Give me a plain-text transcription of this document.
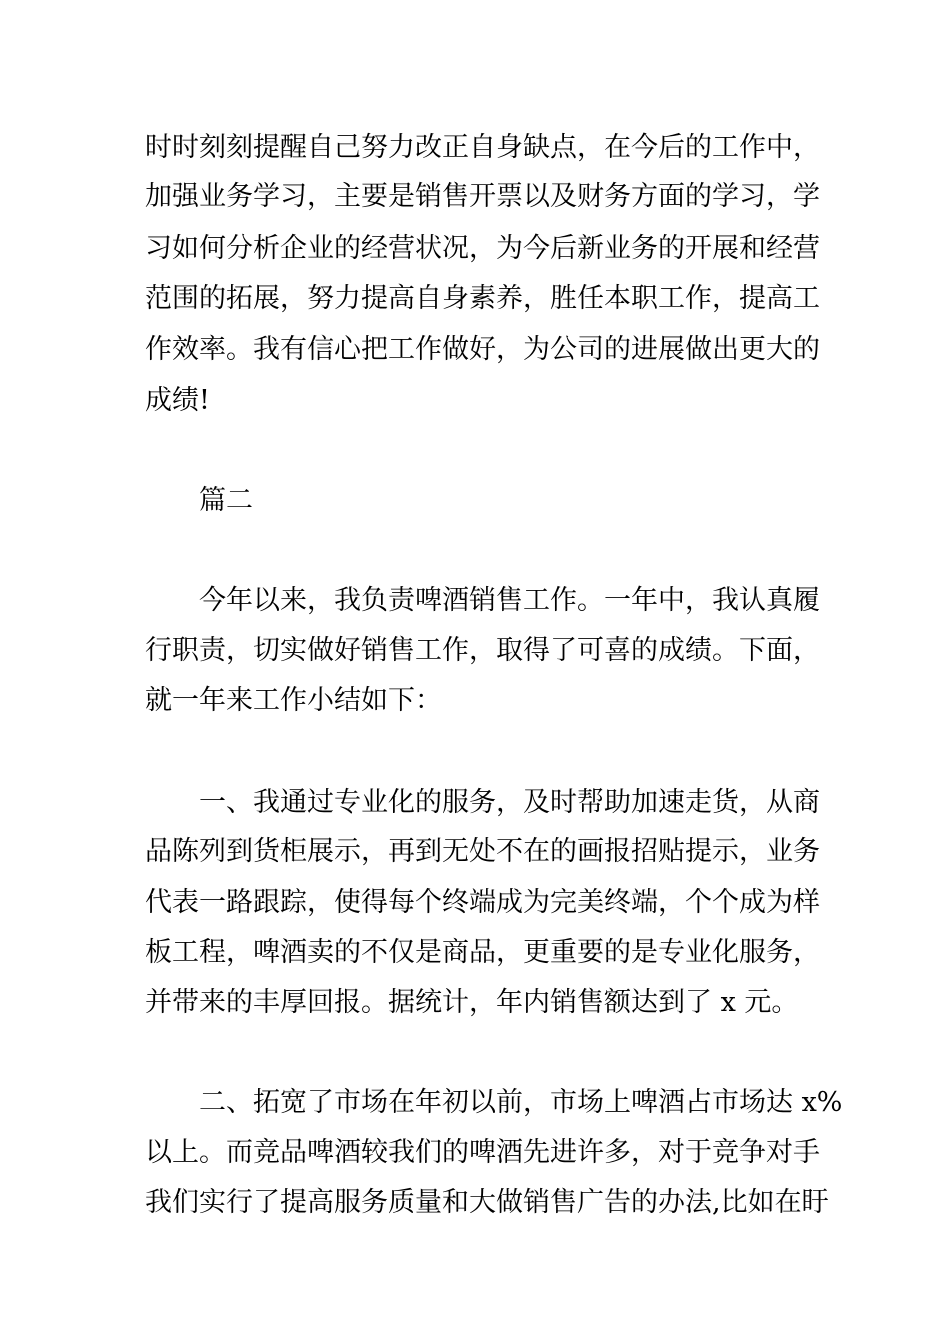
时时刻刻提醒自己努力改正自身缺点，在今后的工作中，
加强业务学习，主要是销售开票以及财务方面的学习，学
习如何分析企业的经营状况，为今后新业务的开展和经营
范围的拓展，努力提高自身素养，胜任本职工作，提高工
作效率。我有信心把工作做好，为公司的进展做出更大的
成绩!
篇二
今年以来，我负责啤酒销售工作。一年中，我认真履
行职责，切实做好销售工作，取得了可喜的成绩。下面，
就一年来工作小结如下：
一、我通过专业化的服务，及时帮助加速走货，从商
品陈列到货柜展示，再到无处不在的画报招贴提示，业务
代表一路跟踪，使得每个终端成为完美终端，个个成为样
板工程，啤酒卖的不仅是商品，更重要的是专业化服务，
并带来的丰厚回报。据统计，年内销售额达到了 x 元。
二、拓宽了市场在年初以前，市场上啤酒占市场达 x%
以上。而竞品啤酒较我们的啤酒先进许多，对于竞争对手
我们实行了提高服务质量和大做销售广告的办法,比如在盱
